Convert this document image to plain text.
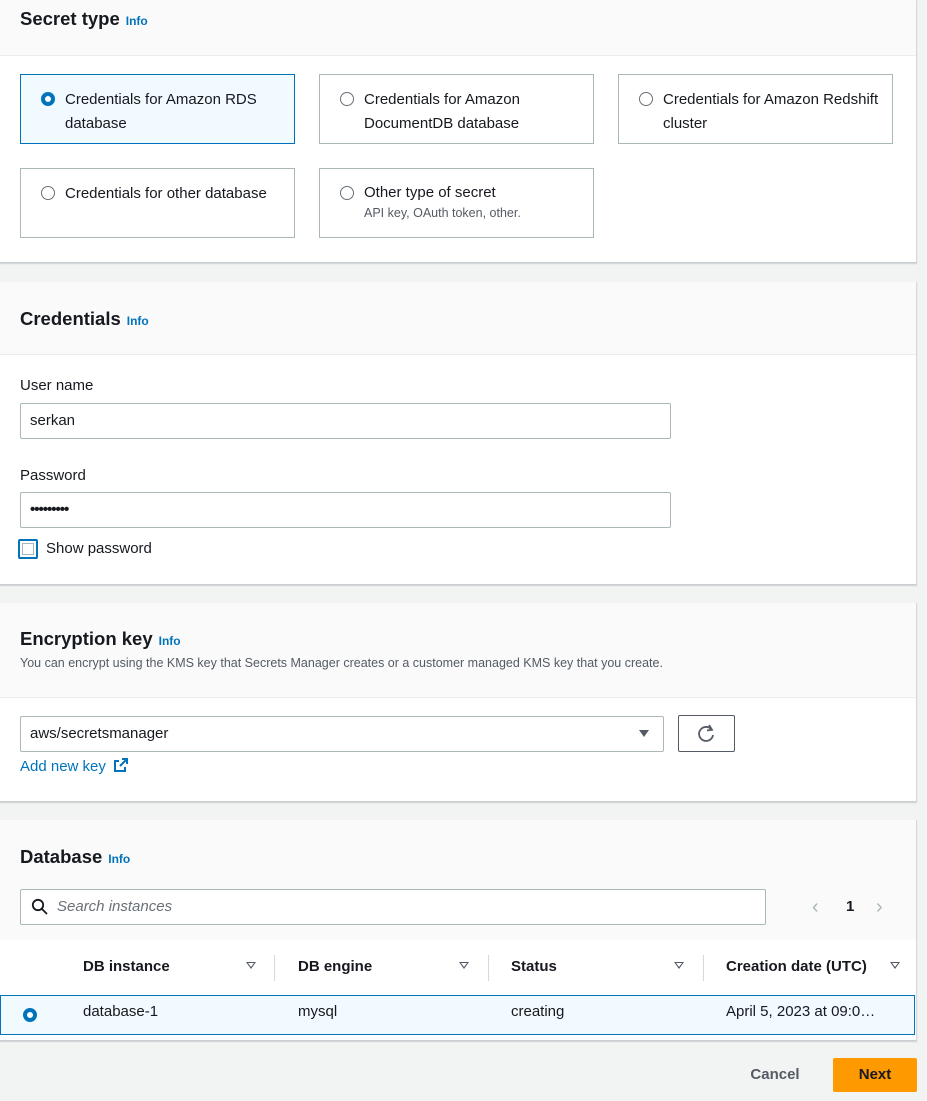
Secret type Info
Credentials for Amazon RDS database
Credentials for Amazon DocumentDB database
Credentials for Amazon Redshift cluster
Credentials for other database	Other type of secret
API key, OAuth token, other.
Credentials Info
User name
serkan
Password
•••••••••
Show password
Encryption key Info
You can encrypt using the KMS key that Secrets Manager creates or a customer managed KMS key that you create.
aws/secretsmanager
Add new key
Database Info
Search instances	‹ 1 ›
DB instance	DB engine	Status	Creation date (UTC)
database-1	mysql	creating	April 5, 2023 at 09:0…
Cancel	Next
